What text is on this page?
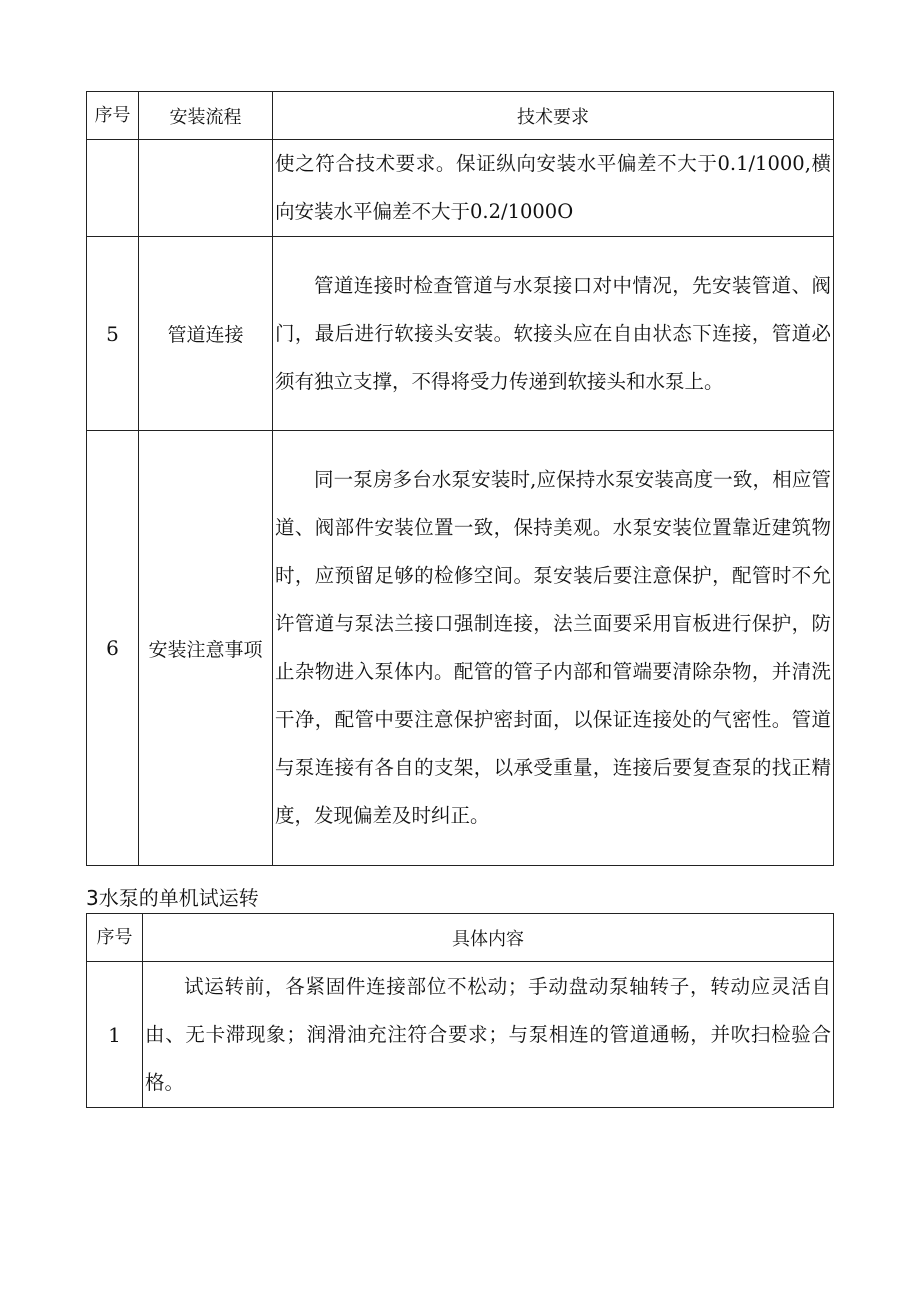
序号	安装流程	技术要求
		使之符合技术要求。保证纵向安装水平偏差不大于0.1/1000,横向安装水平偏差不大于0.2/1000O
5	管道连接	管道连接时检查管道与水泵接口对中情况，先安装管道、阀门，最后进行软接头安装。软接头应在自由状态下连接，管道必须有独立支撑，不得将受力传递到软接头和水泵上。
6	安装注意事项	同一泵房多台水泵安装时,应保持水泵安装高度一致，相应管道、阀部件安装位置一致，保持美观。水泵安装位置靠近建筑物时，应预留足够的检修空间。泵安装后要注意保护，配管时不允许管道与泵法兰接口强制连接，法兰面要采用盲板进行保护，防止杂物进入泵体内。配管的管子内部和管端要清除杂物，并清洗干净，配管中要注意保护密封面，以保证连接处的气密性。管道与泵连接有各自的支架，以承受重量，连接后要复查泵的找正精度，发现偏差及时纠正。
3水泵的单机试运转
序号	具体内容
1	试运转前，各紧固件连接部位不松动；手动盘动泵轴转子，转动应灵活自由、无卡滞现象；润滑油充注符合要求；与泵相连的管道通畅，并吹扫检验合格。
